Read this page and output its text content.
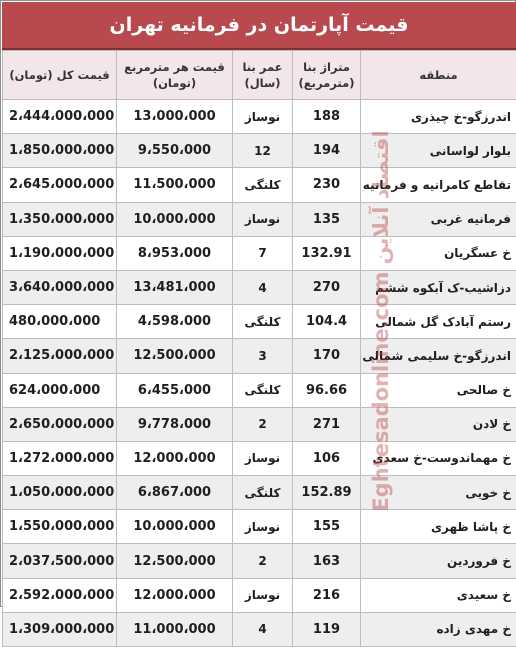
قیمت آپارتمان در فرمانیه تهران
قیمت کل (تومان)	قیمت هر مترمربع (تومان)	عمر بنا (سال)	متراژ بنا (مترمربع)	منطقه
2،444،000،000	13،000،000	نوساز	188	اندرزگو-خ چیذری
1،850،000،000	9،550،000	12	194	بلوار لواسانی
2،645،000،000	11،500،000	کلنگی	230	تقاطع کامرانیه و فرمانیه
1،350،000،000	10،000،000	نوساز	135	فرمانیه غربی
1،190،000،000	8،953،000	7	132.91	خ عسگریان
3،640،000،000	13،481،000	4	270	دزاشیب-ک آبکوه ششم
480،000،000	4،598،000	کلنگی	104.4	رستم آبادک گل شمالی
2،125،000،000	12،500،000	3	170	اندرزگو-خ سلیمی شمالی
624،000،000	6،455،000	کلنگی	96.66	خ صالحی
2،650،000،000	9،778،000	2	271	خ لادن
1،272،000،000	12،000،000	نوساز	106	خ مهماندوست-خ سعدی
1،050،000،000	6،867،000	کلنگی	152.89	خ خویی
1،550،000،000	10،000،000	نوساز	155	خ پاشا ظهری
2،037،500،000	12،500،000	2	163	خ فروردین
2،592،000،000	12،000،000	نوساز	216	خ سعیدی
1،309،000،000	11،000،000	4	119	خ مهدی زاده
Eghtesadonline.com اقتصاد آنلاین
